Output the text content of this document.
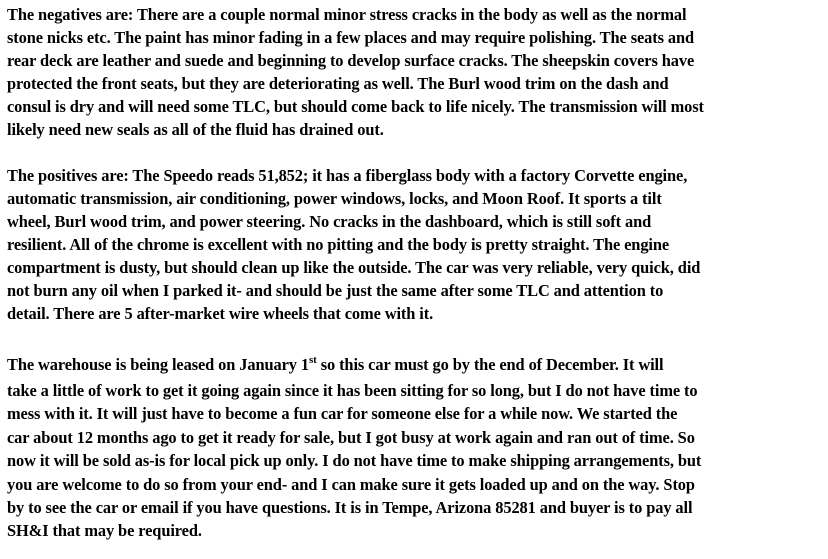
The negatives are: There are a couple normal minor stress cracks in the body as well as the normal
stone nicks etc. The paint has minor fading in a few places and may require polishing. The seats and
rear deck are leather and suede and beginning to develop surface cracks. The sheepskin covers have
protected the front seats, but they are deteriorating as well. The Burl wood trim on the dash and
consul is dry and will need some TLC, but should come back to life nicely. The transmission will most
likely need new seals as all of the fluid has drained out.
The positives are: The Speedo reads 51,852; it has a fiberglass body with a factory Corvette engine,
automatic transmission, air conditioning, power windows, locks, and Moon Roof. It sports a tilt
wheel, Burl wood trim, and power steering. No cracks in the dashboard, which is still soft and
resilient. All of the chrome is excellent with no pitting and the body is pretty straight. The engine
compartment is dusty, but should clean up like the outside. The car was very reliable, very quick, did
not burn any oil when I parked it- and should be just the same after some TLC and attention to
detail. There are 5 after-market wire wheels that come with it.
The warehouse is being leased on January 1st so this car must go by the end of December. It will
take a little of work to get it going again since it has been sitting for so long, but I do not have time to
mess with it. It will just have to become a fun car for someone else for a while now. We started the
car about 12 months ago to get it ready for sale, but I got busy at work again and ran out of time. So
now it will be sold as-is for local pick up only. I do not have time to make shipping arrangements, but
you are welcome to do so from your end- and I can make sure it gets loaded up and on the way. Stop
by to see the car or email if you have questions. It is in Tempe, Arizona 85281 and buyer is to pay all
SH&I that may be required.
